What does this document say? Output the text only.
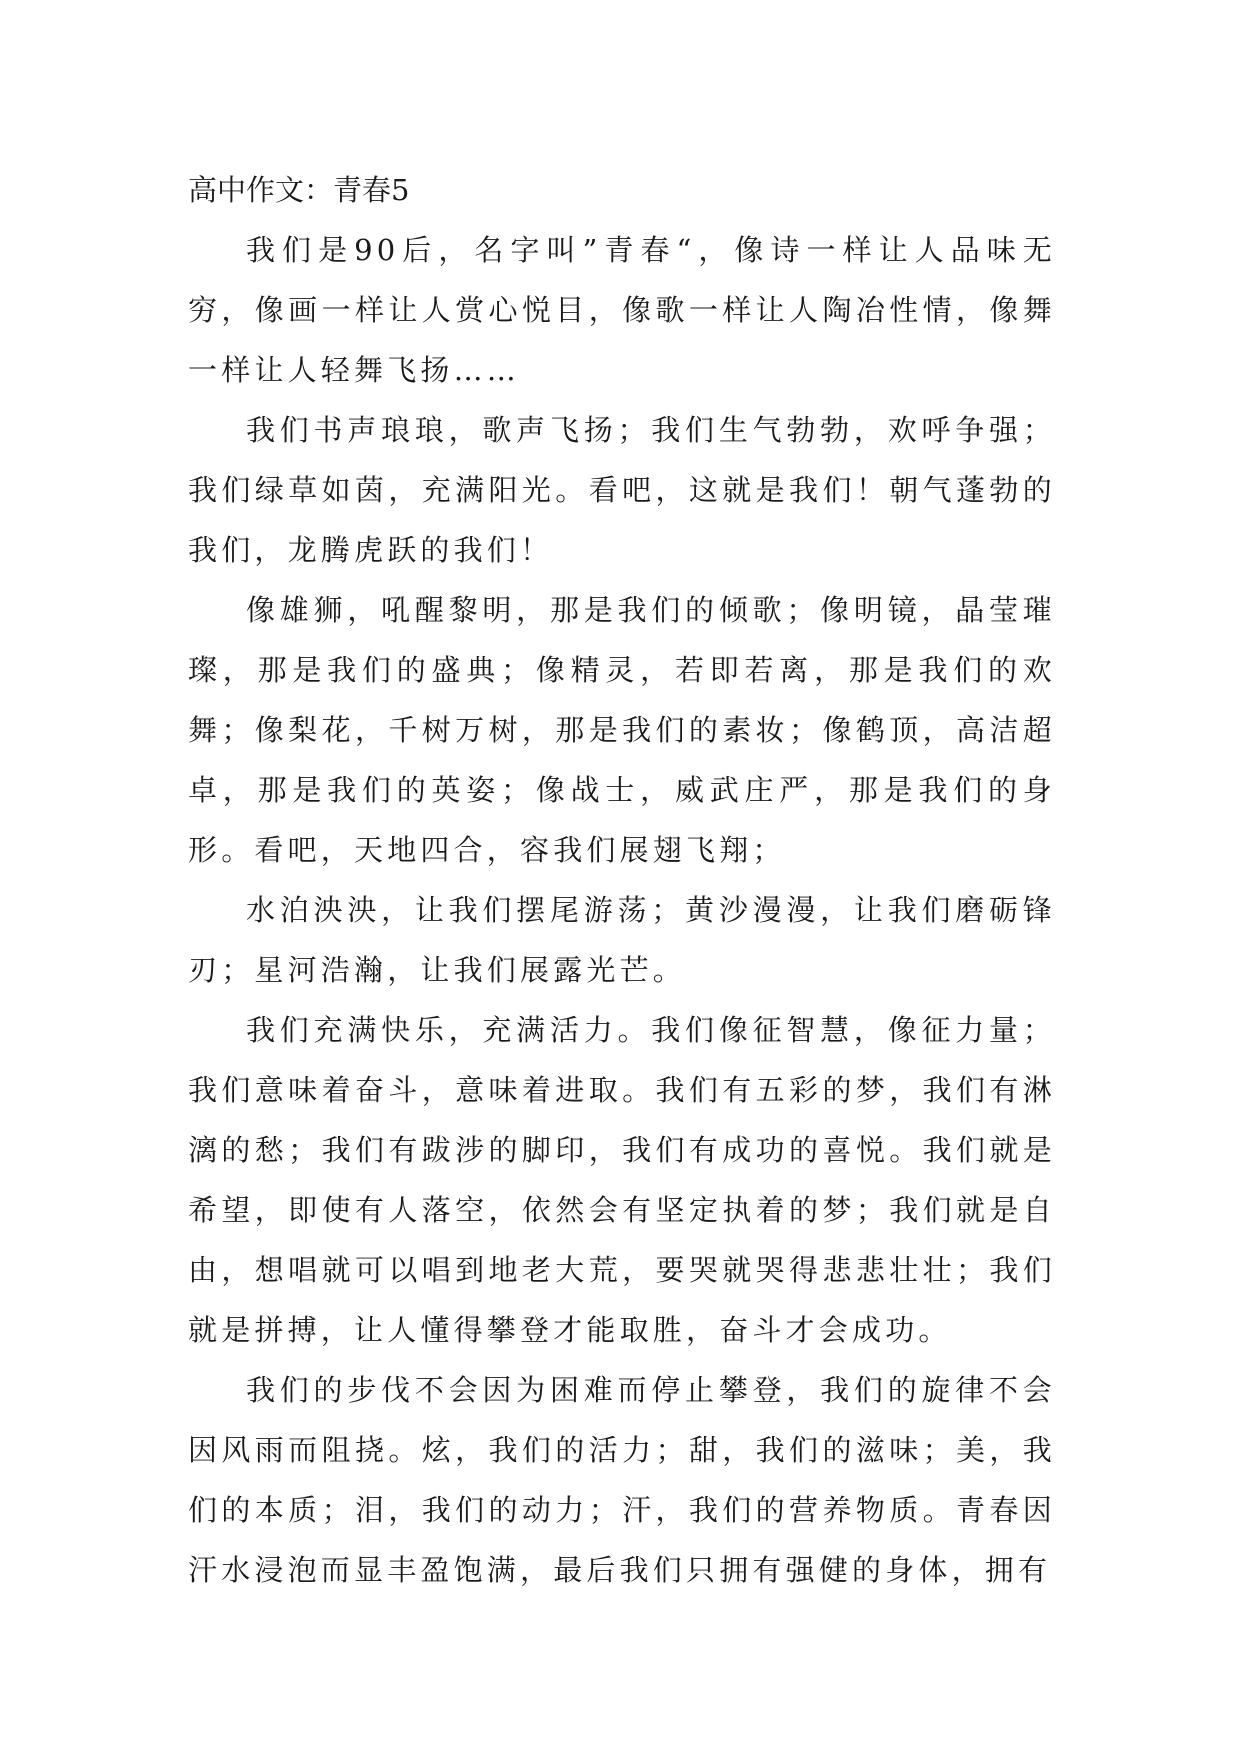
高中作文：青春5

我们是90后，名字叫”青春“，像诗一样让人品味无穷，像画一样让人赏心悦目，像歌一样让人陶冶性情，像舞一样让人轻舞飞扬……

我们书声琅琅，歌声飞扬；我们生气勃勃，欢呼争强；我们绿草如茵，充满阳光。看吧，这就是我们！朝气蓬勃的我们，龙腾虎跃的我们！

像雄狮，吼醒黎明，那是我们的倾歌；像明镜，晶莹璀璨，那是我们的盛典；像精灵，若即若离，那是我们的欢舞；像梨花，千树万树，那是我们的素妆；像鹤顶，高洁超卓，那是我们的英姿；像战士，威武庄严，那是我们的身形。看吧，天地四合，容我们展翅飞翔；

水泊泱泱，让我们摆尾游荡；黄沙漫漫，让我们磨砺锋刃；星河浩瀚，让我们展露光芒。

我们充满快乐，充满活力。我们像征智慧，像征力量；我们意味着奋斗，意味着进取。我们有五彩的梦，我们有淋漓的愁；我们有跋涉的脚印，我们有成功的喜悦。我们就是希望，即使有人落空，依然会有坚定执着的梦；我们就是自由，想唱就可以唱到地老大荒，要哭就哭得悲悲壮壮；我们就是拼搏，让人懂得攀登才能取胜，奋斗才会成功。

我们的步伐不会因为困难而停止攀登，我们的旋律不会因风雨而阻挠。炫，我们的活力；甜，我们的滋味；美，我们的本质；泪，我们的动力；汗，我们的营养物质。青春因汗水浸泡而显丰盈饱满，最后我们只拥有强健的身体，拥有
